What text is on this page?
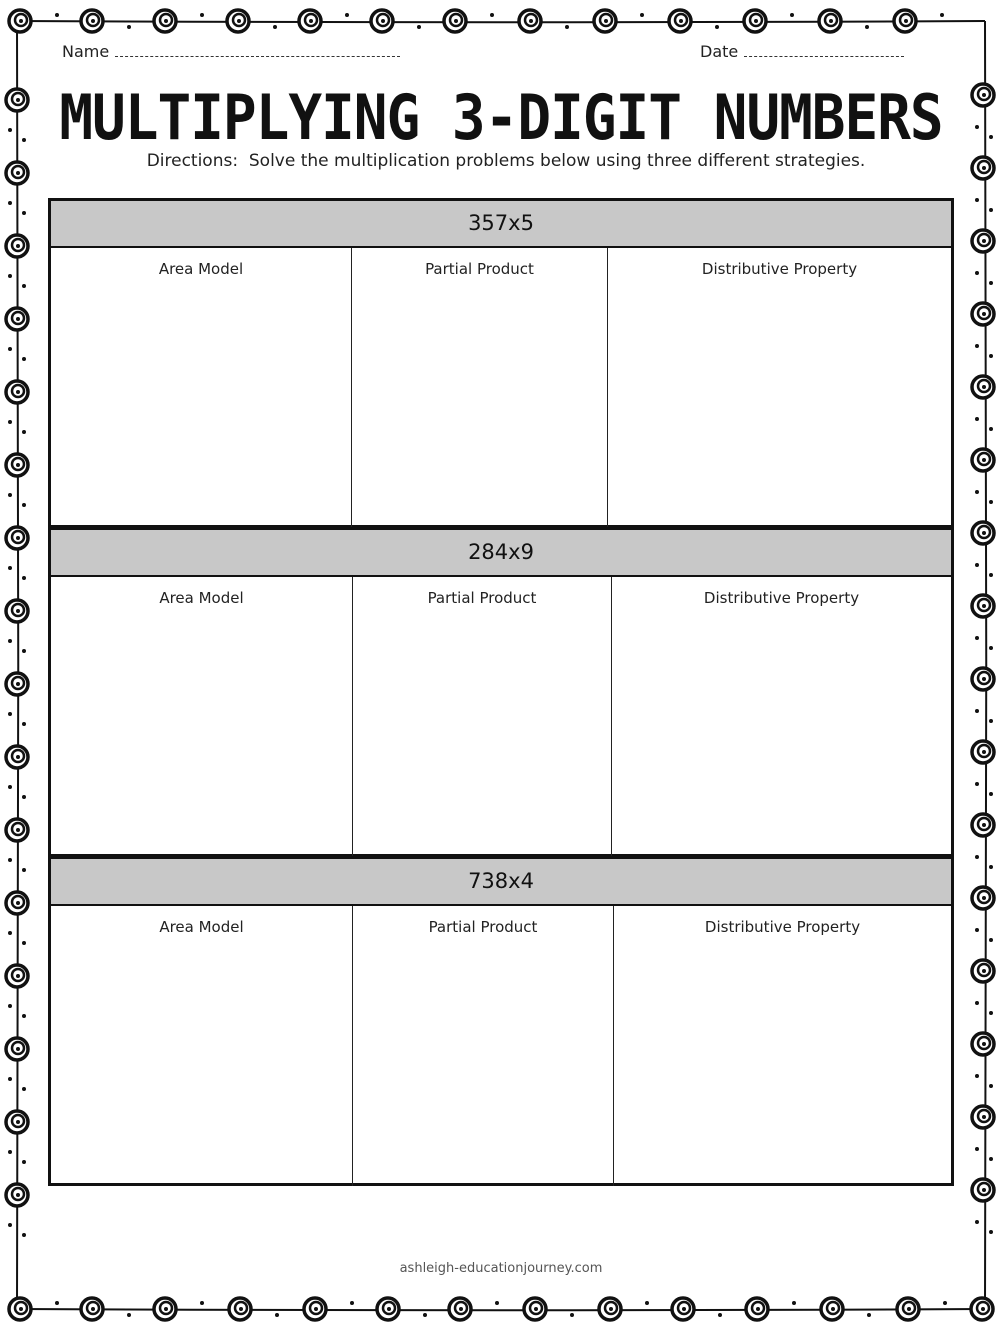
Name	Date
MULTIPLYING 3-DIGIT NUMBERS
Directions:  Solve the multiplication problems below using three different strategies.
357x5
Area Model	Partial Product	Distributive Property
284x9
Area Model	Partial Product	Distributive Property
738x4
Area Model	Partial Product	Distributive Property
ashleigh-educationjourney.com
